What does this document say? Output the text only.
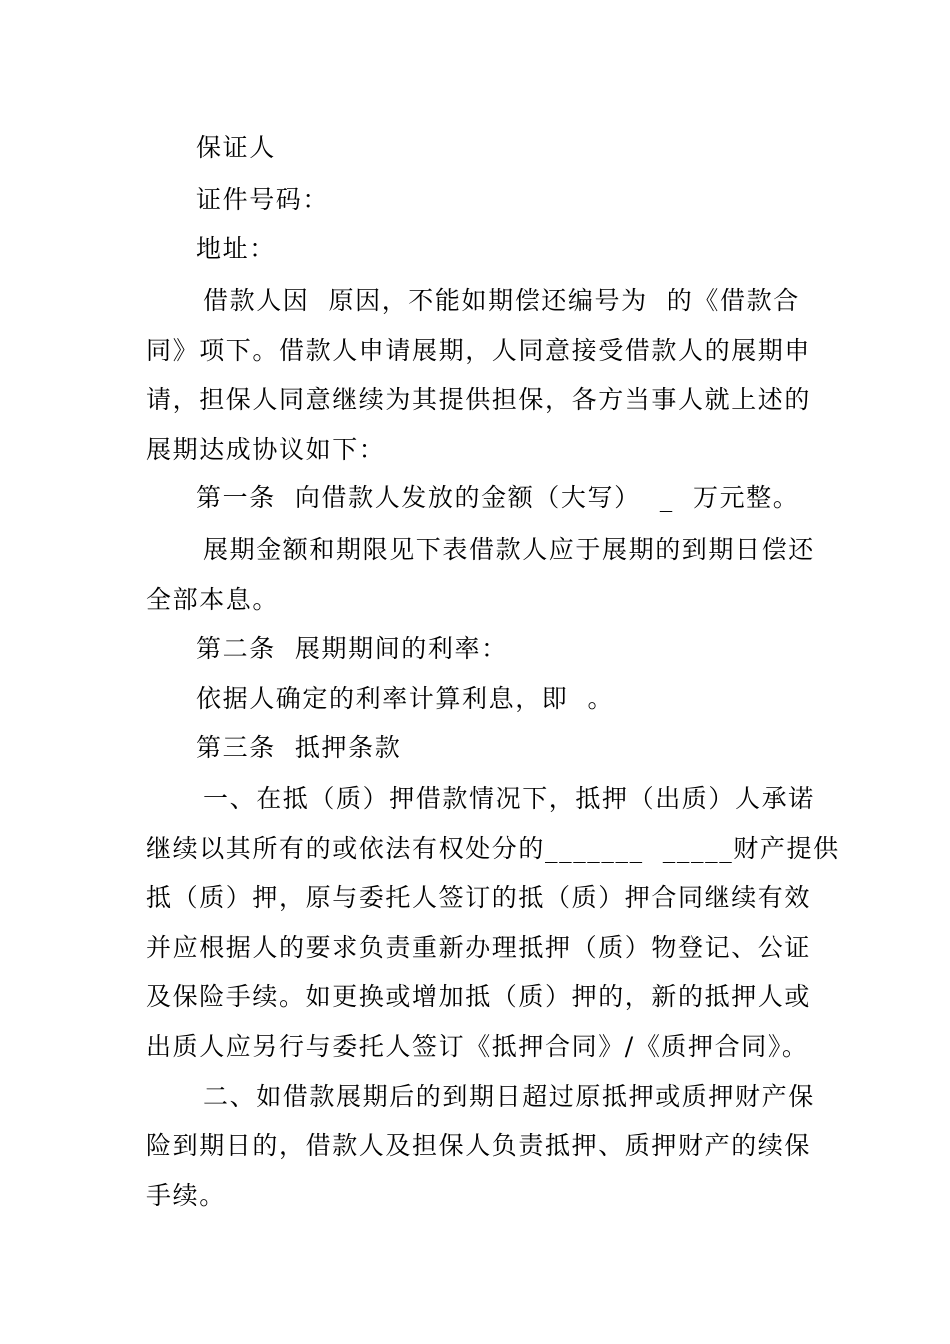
保证人
证件号码：
地址：
借款人因  原因，不能如期偿还编号为  的《借款合
同》项下。借款人申请展期，人同意接受借款人的展期申
请，担保人同意继续为其提供担保，各方当事人就上述的
展期达成协议如下：
第一条  向借款人发放的金额（大写）  _  万元整。
展期金额和期限见下表借款人应于展期的到期日偿还
全部本息。
第二条  展期期间的利率：
依据人确定的利率计算利息，即  。
第三条  抵押条款
一、在抵（质）押借款情况下，抵押（出质）人承诺
继续以其所有的或依法有权处分的_______  _____财产提供
抵（质）押，原与委托人签订的抵（质）押合同继续有效
并应根据人的要求负责重新办理抵押（质）物登记、公证
及保险手续。如更换或增加抵（质）押的，新的抵押人或
出质人应另行与委托人签订《抵押合同》/《质押合同》。
二、如借款展期后的到期日超过原抵押或质押财产保
险到期日的，借款人及担保人负责抵押、质押财产的续保
手续。
